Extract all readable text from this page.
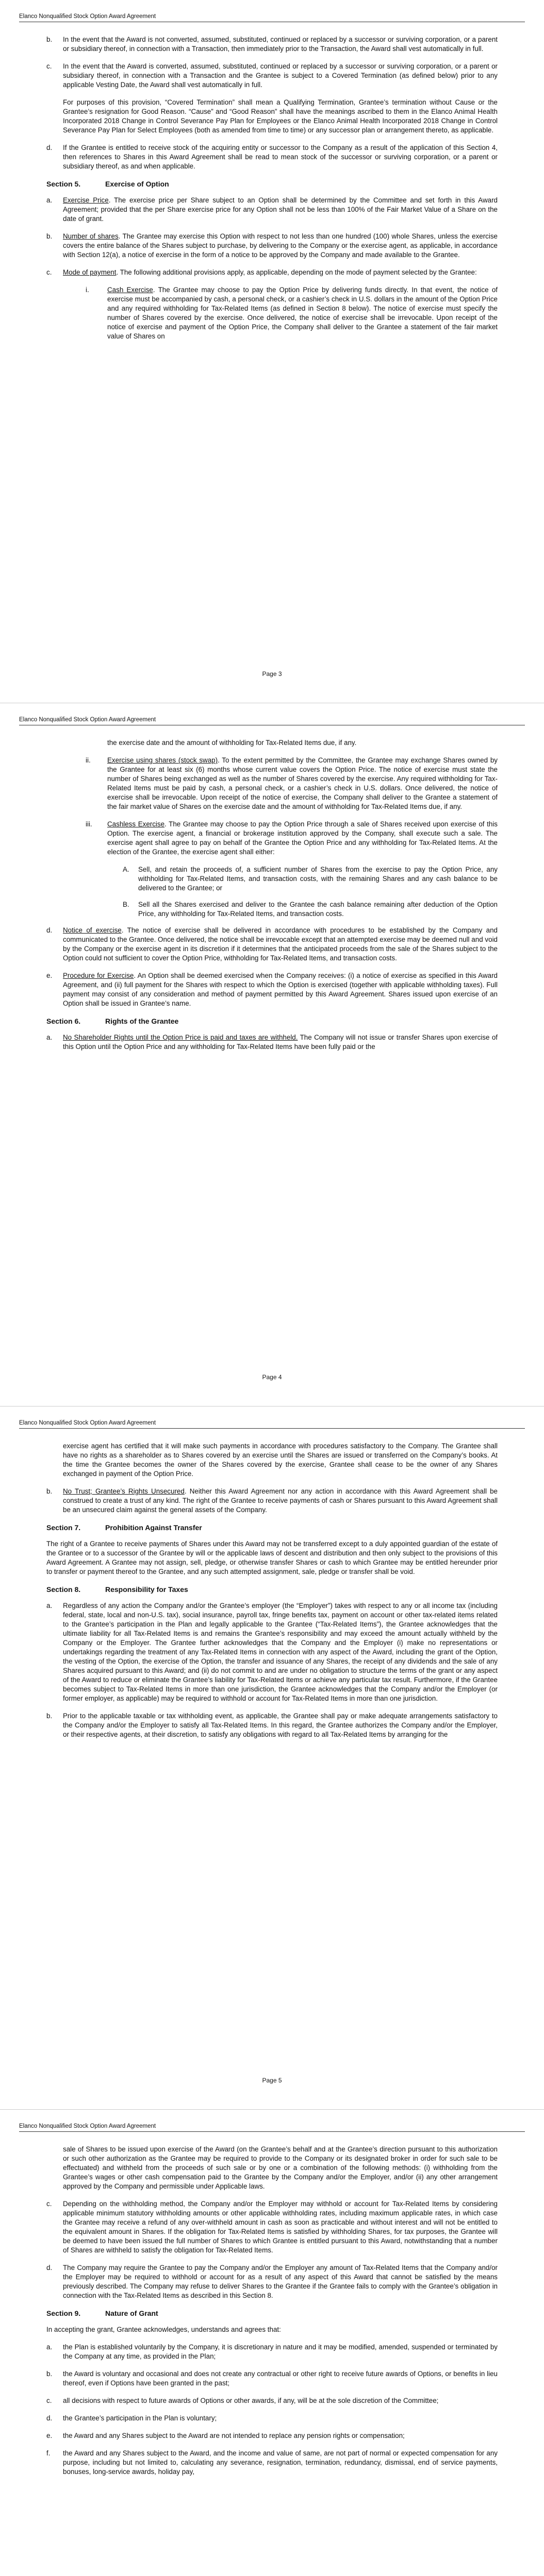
Elanco Nonqualified Stock Option Award Agreement
b. In the event that the Award is not converted, assumed, substituted, continued or replaced by a successor or surviving corporation, or a parent or subsidiary thereof, in connection with a Transaction, then immediately prior to the Transaction, the Award shall vest automatically in full.

c. In the event that the Award is converted, assumed, substituted, continued or replaced by a successor or surviving corporation, or a parent or subsidiary thereof, in connection with a Transaction and the Grantee is subject to a Covered Termination (as defined below) prior to any applicable Vesting Date, the Award shall vest automatically in full.

For purposes of this provision, “Covered Termination” shall mean a Qualifying Termination, Grantee’s termination without Cause or the Grantee’s resignation for Good Reason. “Cause” and “Good Reason” shall have the meanings ascribed to them in the Elanco Animal Health Incorporated 2018 Change in Control Severance Pay Plan for Employees or the Elanco Animal Health Incorporated 2018 Change in Control Severance Pay Plan for Select Employees (both as amended from time to time) or any successor plan or arrangement thereto, as applicable.

d. If the Grantee is entitled to receive stock of the acquiring entity or successor to the Company as a result of the application of this Section 4, then references to Shares in this Award Agreement shall be read to mean stock of the successor or surviving corporation, or a parent or subsidiary thereof, as and when applicable.

Section 5.	Exercise of Option
a. Exercise Price. The exercise price per Share subject to an Option shall be determined by the Committee and set forth in this Award Agreement; provided that the per Share exercise price for any Option shall not be less than 100% of the Fair Market Value of a Share on the date of grant.

b. Number of shares. The Grantee may exercise this Option with respect to not less than one hundred (100) whole Shares, unless the exercise covers the entire balance of the Shares subject to purchase, by delivering to the Company or the exercise agent, as applicable, in accordance with Section 12(a), a notice of exercise in the form of a notice to be approved by the Company and made available to the Grantee.

c. Mode of payment. The following additional provisions apply, as applicable, depending on the mode of payment selected by the Grantee:

i.	Cash Exercise. The Grantee may choose to pay the Option Price by delivering funds directly. In that event, the notice of exercise must be accompanied by cash, a personal check, or a cashier’s check in U.S. dollars in the amount of the Option Price and any required withholding for Tax-Related Items (as defined in Section 8 below). The notice of exercise must specify the number of Shares covered by the exercise. Once delivered, the notice of exercise shall be irrevocable. Upon receipt of the notice of exercise and payment of the Option Price, the Company shall deliver to the Grantee a statement of the fair market value of Shares on

Page 3
Elanco Nonqualified Stock Option Award Agreement

the exercise date and the amount of withholding for Tax-Related Items due, if any.

ii. Exercise using shares (stock swap). To the extent permitted by the Committee, the Grantee may exchange Shares owned by the Grantee for at least six (6) months whose current value covers the Option Price. The notice of exercise must state the number of Shares being exchanged as well as the number of Shares covered by the exercise. Any required withholding for Tax-Related Items must be paid by cash, a personal check, or a cashier’s check in U.S. dollars. Once delivered, the notice of exercise shall be irrevocable. Upon receipt of the notice of exercise, the Company shall deliver to the Grantee a statement of the fair market value of Shares on the exercise date and the amount of withholding for Tax-Related Items due, if any.

iii. Cashless Exercise. The Grantee may choose to pay the Option Price through a sale of Shares received upon exercise of this Option. The exercise agent, a financial or brokerage institution approved by the Company, shall execute such a sale. The exercise agent shall agree to pay on behalf of the Grantee the Option Price and any withholding for Tax-Related Items. At the election of the Grantee, the exercise agent shall either:

A. Sell, and retain the proceeds of, a sufficient number of Shares from the exercise to pay the Option Price, any withholding for Tax-Related Items, and transaction costs, with the remaining Shares and any cash balance to be delivered to the Grantee; or

B. Sell all the Shares exercised and deliver to the Grantee the cash balance remaining after deduction of the Option Price, any withholding for Tax-Related Items, and transaction costs.

d. Notice of exercise. The notice of exercise shall be delivered in accordance with procedures to be established by the Company and communicated to the Grantee. Once delivered, the notice shall be irrevocable except that an attempted exercise may be deemed null and void by the Company or the exercise agent in its discretion if it determines that the anticipated proceeds from the sale of the Shares subject to the Option could not sufficient to cover the Option Price, withholding for Tax-Related Items, and transaction costs.

e. Procedure for Exercise. An Option shall be deemed exercised when the Company receives: (i) a notice of exercise as specified in this Award Agreement, and (ii) full payment for the Shares with respect to which the Option is exercised (together with applicable withholding taxes). Full payment may consist of any consideration and method of payment permitted by this Award Agreement. Shares issued upon exercise of an Option shall be issued in Grantee’s name.

Section 6.	Rights of the Grantee
a. No Shareholder Rights until the Option Price is paid and taxes are withheld. The Company will not issue or transfer Shares upon exercise of this Option until the Option Price and any withholding for Tax-Related Items have been fully paid or the

Page 4
Elanco Nonqualified Stock Option Award Agreement

exercise agent has certified that it will make such payments in accordance with procedures satisfactory to the Company. The Grantee shall have no rights as a shareholder as to Shares covered by an exercise until the Shares are issued or transferred on the Company’s books. At the time the Grantee becomes the owner of the Shares covered by the exercise, Grantee shall cease to be the owner of any Shares exchanged in payment of the Option Price.

b. No Trust; Grantee’s Rights Unsecured. Neither this Award Agreement nor any action in accordance with this Award Agreement shall be construed to create a trust of any kind. The right of the Grantee to receive payments of cash or Shares pursuant to this Award Agreement shall be an unsecured claim against the general assets of the Company.

Section 7.	Prohibition Against Transfer

The right of a Grantee to receive payments of Shares under this Award may not be transferred except to a duly appointed guardian of the estate of the Grantee or to a successor of the Grantee by will or the applicable laws of descent and distribution and then only subject to the provisions of this Award Agreement. A Grantee may not assign, sell, pledge, or otherwise transfer Shares or cash to which Grantee may be entitled hereunder prior to transfer or payment thereof to the Grantee, and any such attempted assignment, sale, pledge or transfer shall be void.

Section 8.	Responsibility for Taxes
a. Regardless of any action the Company and/or the Grantee’s employer (the “Employer”) takes with respect to any or all income tax (including federal, state, local and non-U.S. tax), social insurance, payroll tax, fringe benefits tax, payment on account or other tax-related items related to the Grantee’s participation in the Plan and legally applicable to the Grantee (“Tax-Related Items”), the Grantee acknowledges that the ultimate liability for all Tax-Related Items is and remains the Grantee’s responsibility and may exceed the amount actually withheld by the Company or the Employer. The Grantee further acknowledges that the Company and the Employer (i) make no representations or undertakings regarding the treatment of any Tax-Related Items in connection with any aspect of the Award, including the grant of the Option, the vesting of the Option, the exercise of the Option, the transfer and issuance of any Shares, the receipt of any dividends and the sale of any Shares acquired pursuant to this Award; and (ii) do not commit to and are under no obligation to structure the terms of the grant or any aspect of the Award to reduce or eliminate the Grantee’s liability for Tax-Related Items or achieve any particular tax result. Furthermore, if the Grantee becomes subject to Tax-Related Items in more than one jurisdiction, the Grantee acknowledges that the Company and/or the Employer (or former employer, as applicable) may be required to withhold or account for Tax-Related Items in more than one jurisdiction.

b. Prior to the applicable taxable or tax withholding event, as applicable, the Grantee shall pay or make adequate arrangements satisfactory to the Company and/or the Employer to satisfy all Tax-Related Items. In this regard, the Grantee authorizes the Company and/or the Employer, or their respective agents, at their discretion, to satisfy any obligations with regard to all Tax-Related Items by arranging for the

Page 5
Elanco Nonqualified Stock Option Award Agreement

sale of Shares to be issued upon exercise of the Award (on the Grantee’s behalf and at the Grantee’s direction pursuant to this authorization or such other authorization as the Grantee may be required to provide to the Company or its designated broker in order for such sale to be effectuated) and withheld from the proceeds of such sale or by one or a combination of the following methods: (i) withholding from the Grantee’s wages or other cash compensation paid to the Grantee by the Company and/or the Employer, and/or (ii) any other arrangement approved by the Company and permissible under Applicable laws.

c. Depending on the withholding method, the Company and/or the Employer may withhold or account for Tax-Related Items by considering applicable minimum statutory withholding amounts or other applicable withholding rates, including maximum applicable rates, in which case the Grantee may receive a refund of any over-withheld amount in cash as soon as practicable and without interest and will not be entitled to the equivalent amount in Shares. If the obligation for Tax-Related Items is satisfied by withholding Shares, for tax purposes, the Grantee will be deemed to have been issued the full number of Shares to which Grantee is entitled pursuant to this Award, notwithstanding that a number of Shares are withheld to satisfy the obligation for Tax-Related Items.

d. The Company may require the Grantee to pay the Company and/or the Employer any amount of Tax-Related Items that the Company and/or the Employer may be required to withhold or account for as a result of any aspect of this Award that cannot be satisfied by the means previously described. The Company may refuse to deliver Shares to the Grantee if the Grantee fails to comply with the Grantee’s obligation in connection with the Tax-Related Items as described in this Section 8.

Section 9.	Nature of Grant

In accepting the grant, Grantee acknowledges, understands and agrees that:

a. the Plan is established voluntarily by the Company, it is discretionary in nature and it may be modified, amended, suspended or terminated by the Company at any time, as provided in the Plan;

b. the Award is voluntary and occasional and does not create any contractual or other right to receive future awards of Options, or benefits in lieu thereof, even if Options have been granted in the past;

c. all decisions with respect to future awards of Options or other awards, if any, will be at the sole discretion of the Committee;

d. the Grantee’s participation in the Plan is voluntary;

e. the Award and any Shares subject to the Award are not intended to replace any pension rights or compensation;

f. the Award and any Shares subject to the Award, and the income and value of same, are not part of normal or expected compensation for any purpose, including but not limited to, calculating any severance, resignation, termination, redundancy, dismissal, end of service payments, bonuses, long-service awards, holiday pay,
